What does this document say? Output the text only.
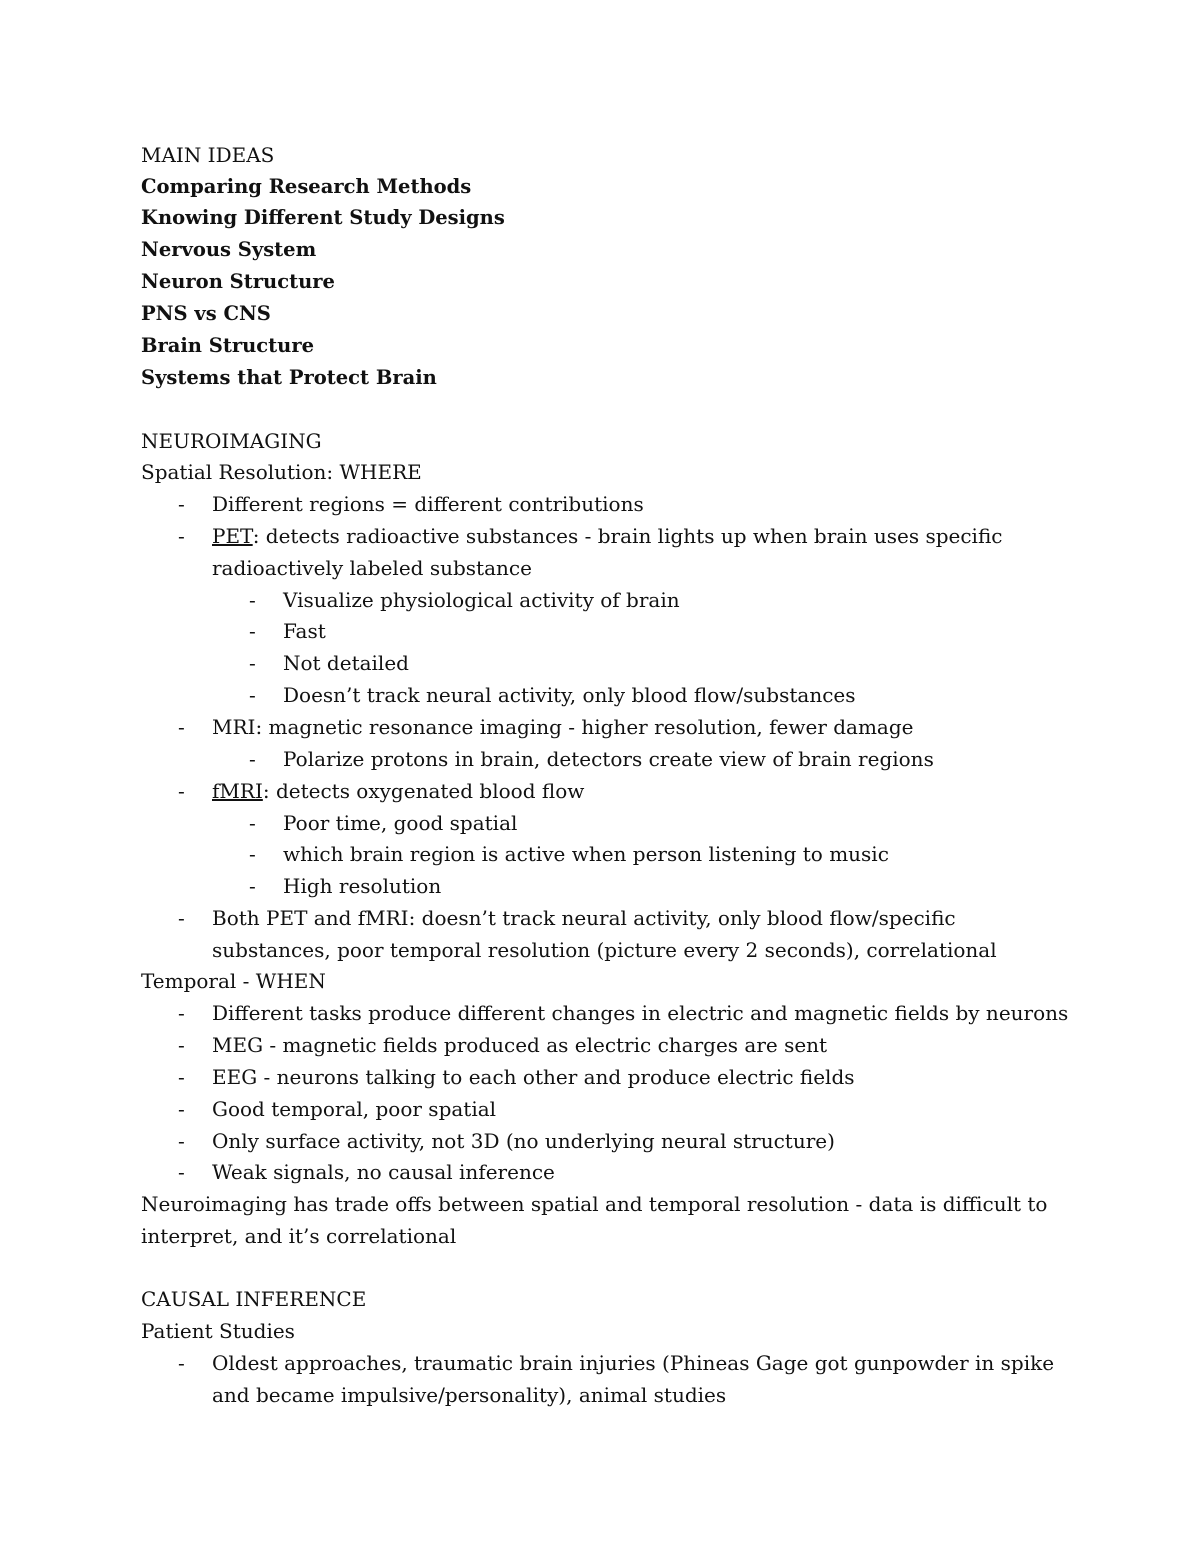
MAIN IDEAS
Comparing Research Methods
Knowing Different Study Designs
Nervous System
Neuron Structure
PNS vs CNS
Brain Structure
Systems that Protect Brain
NEUROIMAGING
Spatial Resolution: WHERE
-	Different regions = different contributions
-	PET: detects radioactive substances - brain lights up when brain uses specific
radioactively labeled substance
-	Visualize physiological activity of brain
-	Fast
-	Not detailed
-	Doesn’t track neural activity, only blood flow/substances
-	MRI: magnetic resonance imaging - higher resolution, fewer damage
-	Polarize protons in brain, detectors create view of brain regions
-	fMRI: detects oxygenated blood flow
-	Poor time, good spatial
-	which brain region is active when person listening to music
-	High resolution
-	Both PET and fMRI: doesn’t track neural activity, only blood flow/specific
substances, poor temporal resolution (picture every 2 seconds), correlational
Temporal - WHEN
-	Different tasks produce different changes in electric and magnetic fields by neurons
-	MEG - magnetic fields produced as electric charges are sent
-	EEG - neurons talking to each other and produce electric fields
-	Good temporal, poor spatial
-	Only surface activity, not 3D (no underlying neural structure)
-	Weak signals, no causal inference
Neuroimaging has trade offs between spatial and temporal resolution - data is difficult to
interpret, and it’s correlational
CAUSAL INFERENCE
Patient Studies
-	Oldest approaches, traumatic brain injuries (Phineas Gage got gunpowder in spike
and became impulsive/personality), animal studies
